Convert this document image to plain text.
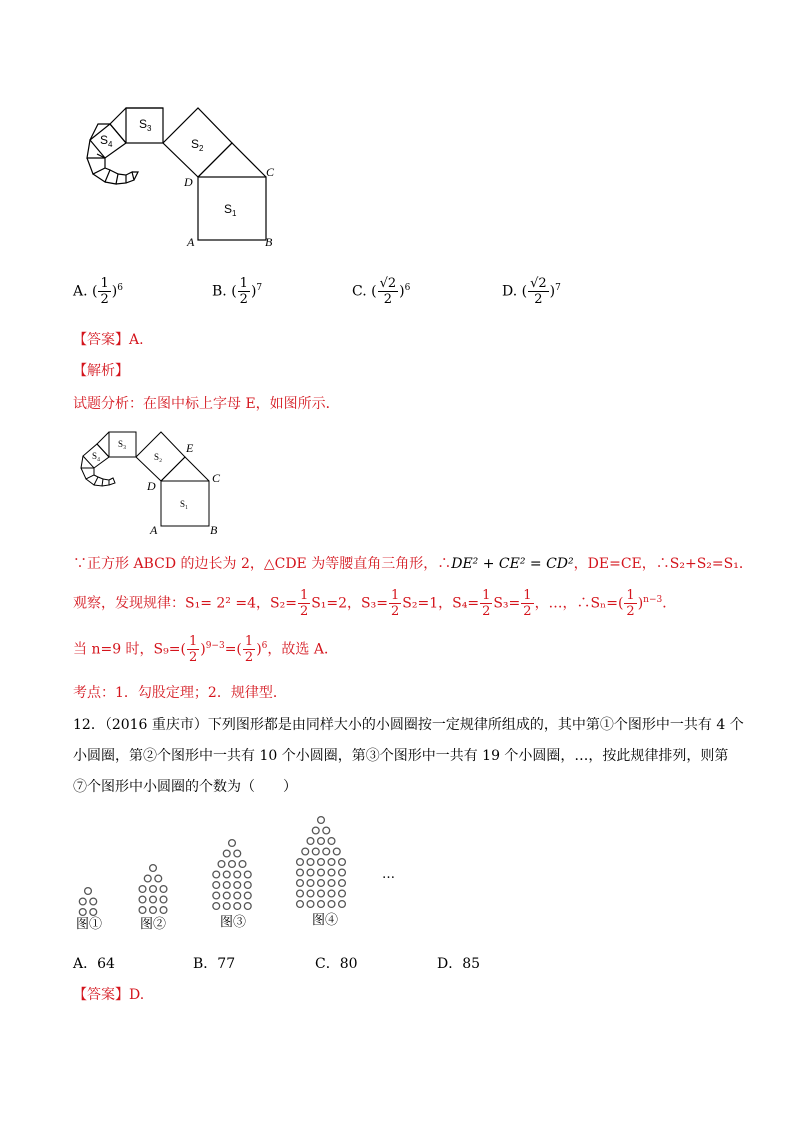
$S_1$
$S_2$
$S_3$
$S_4$
A	B
C
D
A. ( $\frac{1}{2} )^6$	B. ( $\frac{1}{2} )^7$	C. ( $\frac{√2}{2} )^6$	D. ( $\frac{√2}{2} )^7$
【答案】A.
【解析】
试题分析：在图中标上字母 E，如图所示．
S₁
S₂
S₃
S₄
A	B
C
D
E
∵正方形 ABCD 的边长为 2，△CDE 为等腰直角三角形，∴DE² + CE² = CD²，DE=CE，∴S₂+S₂=S₁．
观察，发现规律：S₁= 2² =4，$S_2= \frac{1}{2} S_1=2$，$S_3= \frac{1}{2} S_2=1$，$S_4= \frac{1}{2} S_3= \frac{1}{2}$ ，…，∴Sₙ=( $\frac{1}{2} )^{n-3}$．
当 n=9 时，$S_9=( \frac{1}{2} )^{9-3}=( \frac{1}{2} )^6$，故选 A．
考点：1．勾股定理；2．规律型．
12．（2016 重庆市）下列图形都是由同样大小的小圆圈按一定规律所组成的，其中第①个图形中一共有 4 个
小圆圈，第②个图形中一共有 10 个小圆圈，第③个图形中一共有 19 个小圆圈，…，按此规律排列，则第
⑦个图形中小圆圈的个数为（　　）
图①	图②	图③	图④
…
A．64	B．77	C．80	D．85
【答案】D.
